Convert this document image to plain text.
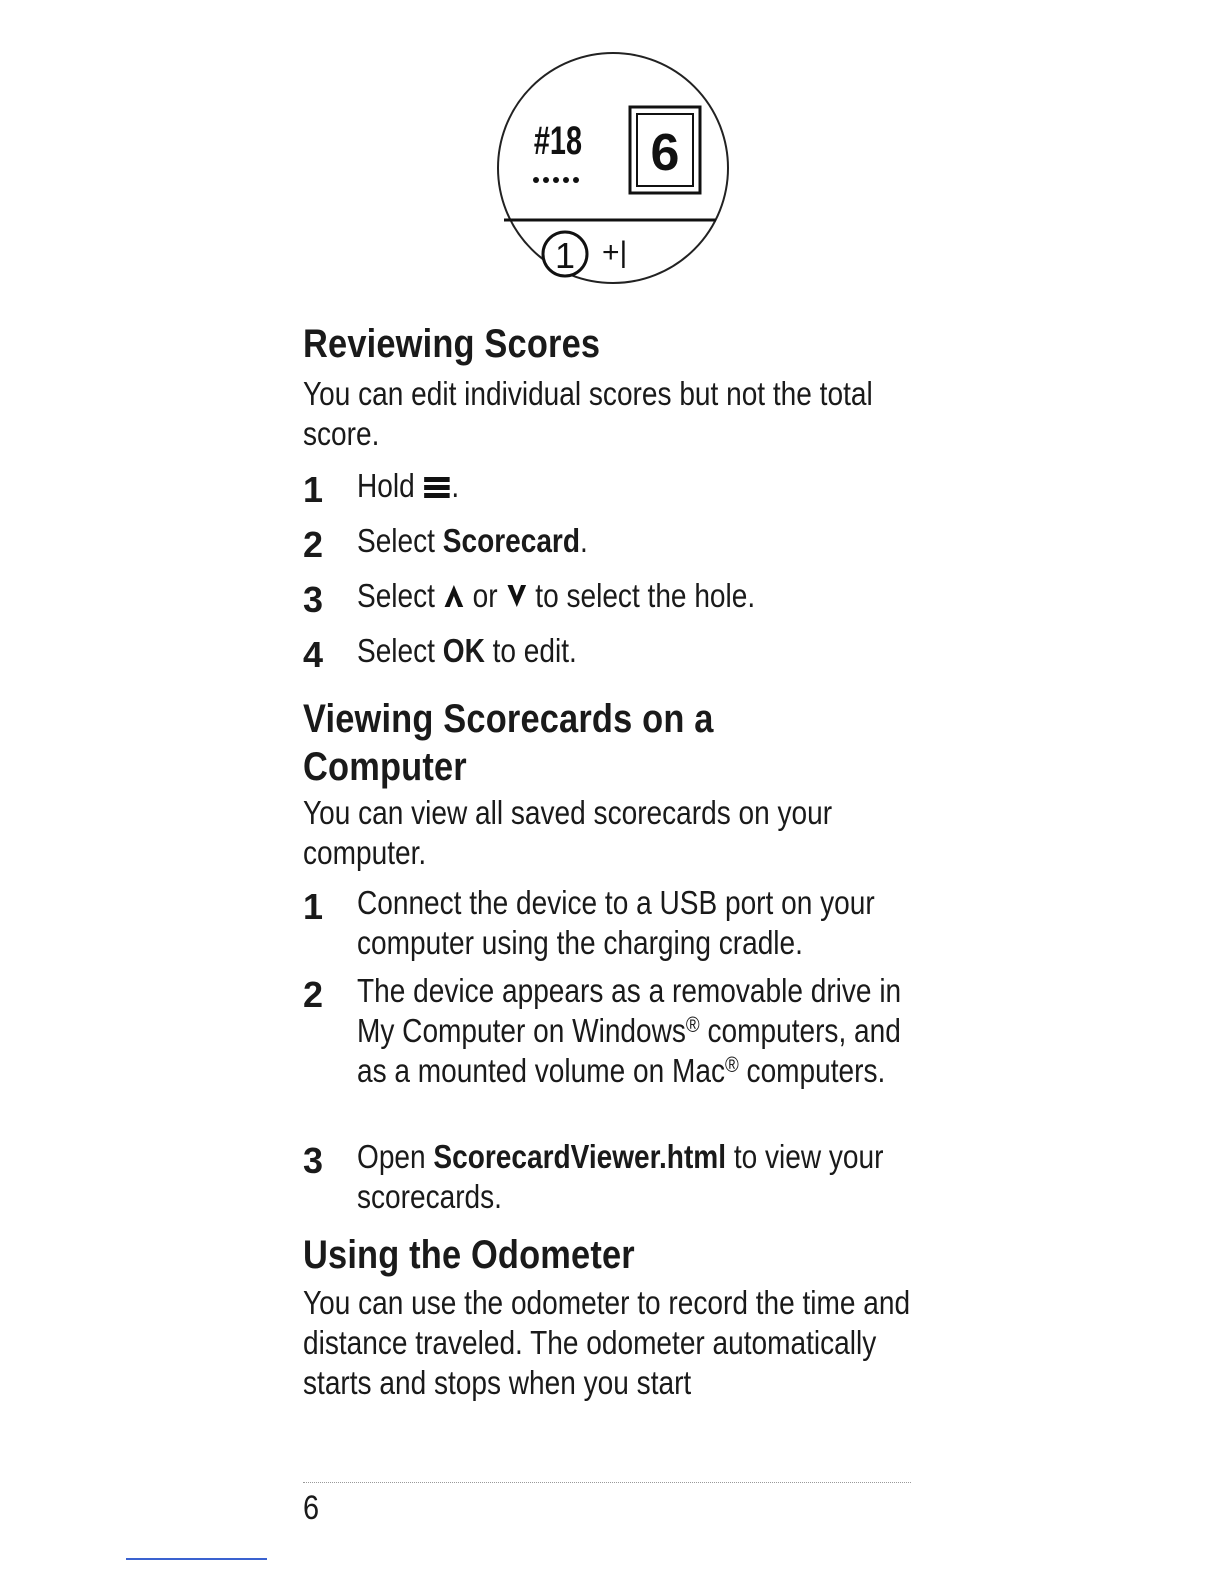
#18 6
1 +|
Reviewing Scores

You can edit individual scores but not the total score.

1 Hold .
2 Select Scorecard.
3 Select or to select the hole.
4 Select OK to edit.
Viewing Scorecards on a
Computer

You can view all saved scorecards on your computer.

1 Connect the device to a USB port on your computer using the charging cradle.
2 The device appears as a removable drive in My Computer on Windows® computers, and as a mounted volume on Mac® computers.
3 Open ScorecardViewer.html to view your scorecards.
Using the Odometer

You can use the odometer to record the time and distance traveled. The odometer automatically starts and stops when you start

6
